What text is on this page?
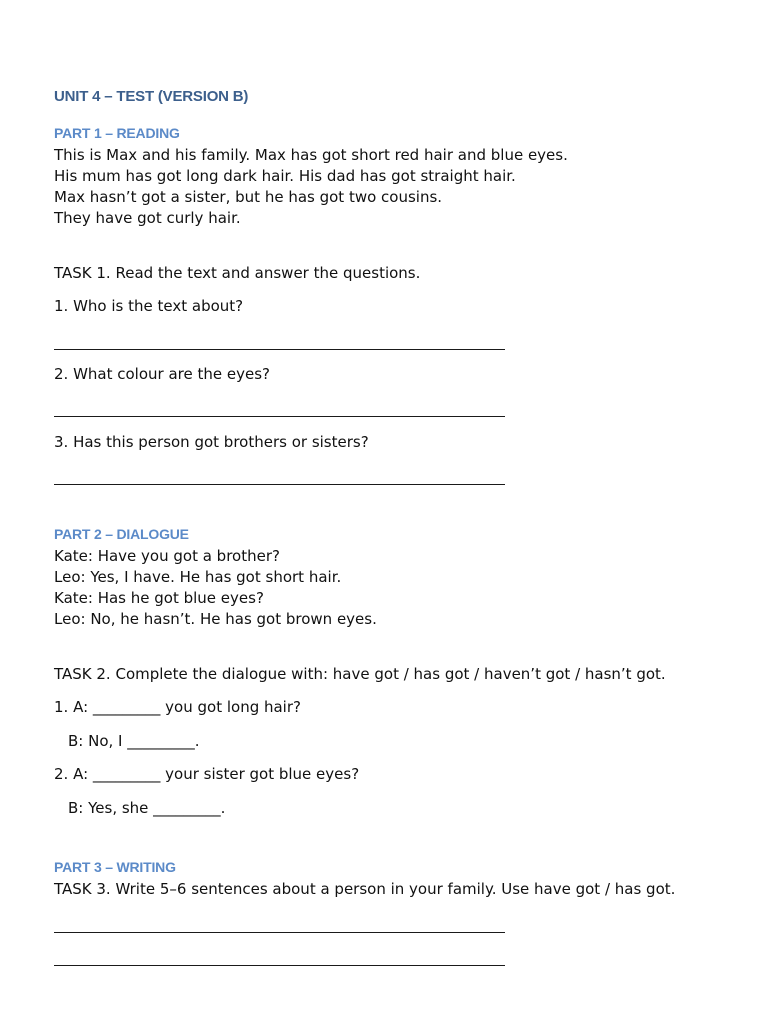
UNIT 4 – TEST (VERSION B)
PART 1 – READING
This is Max and his family. Max has got short red hair and blue eyes.
His mum has got long dark hair. His dad has got straight hair.
Max hasn’t got a sister, but he has got two cousins.
They have got curly hair.
TASK 1. Read the text and answer the questions.
1. Who is the text about?
2. What colour are the eyes?
3. Has this person got brothers or sisters?
PART 2 – DIALOGUE
Kate: Have you got a brother?
Leo: Yes, I have. He has got short hair.
Kate: Has he got blue eyes?
Leo: No, he hasn’t. He has got brown eyes.
TASK 2. Complete the dialogue with: have got / has got / haven’t got / hasn’t got.
1. A: _________ you got long hair?
B: No, I _________.
2. A: _________ your sister got blue eyes?
B: Yes, she _________.
PART 3 – WRITING
TASK 3. Write 5–6 sentences about a person in your family. Use have got / has got.
